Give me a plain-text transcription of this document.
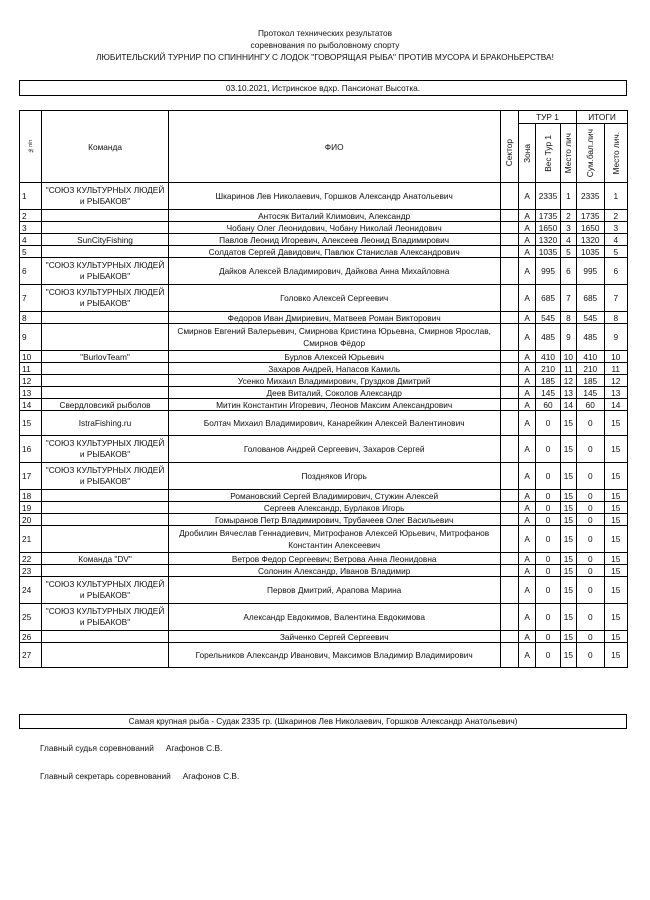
Протокол технических результатов
соревнования по рыболовному спорту
ЛЮБИТЕЛЬСКИЙ ТУРНИР ПО СПИННИНГУ С ЛОДОК "ГОВОРЯЩАЯ РЫБА" ПРОТИВ МУСОРА И БРАКОНЬЕРСТВА!
03.10.2021, Истринское вдхр. Пансионат Высотка.
№п/п	Команда	ФИО		ТУР 1			ИТОГИ	

			Сектор	Зона	Вес Тур 1	Место лич	Сум.бал.лич	Место лич.

1	"СОЮЗ КУЛЬТУРНЫХ ЛЮДЕЙ и РЫБАКОВ"	Шкаринов Лев Николаевич, Горшков Александр Анатольевич		А	2335	1	2335	1
2		Антосяк Виталий Климович, Александр		А	1735	2	1735	2
3		Чобану Олег Леонидович, Чобану Николай Леонидович		А	1650	3	1650	3
4	SunCityFishing	Павлов Леонид Игоревич, Алексеев Леонид Владимирович		А	1320	4	1320	4
5		Солдатов Сергей Давидович, Павлюк Станислав Александрович		А	1035	5	1035	5
6	"СОЮЗ КУЛЬТУРНЫХ ЛЮДЕЙ и РЫБАКОВ"	Дайков Алексей Владимирович, Дайкова Анна Михайловна		А	995	6	995	6
7	"СОЮЗ КУЛЬТУРНЫХ ЛЮДЕЙ и РЫБАКОВ"	Головко Алексей Сергеевич		А	685	7	685	7
8		Федоров Иван Дмириевич, Матвеев Роман Викторович		А	545	8	545	8
9		Смирнов Евгений Валерьевич, Смирнова Кристина Юрьевна, Смирнов Ярослав, Смирнов Фёдор		А	485	9	485	9
10	"BurlovTeam"	Бурлов Алексей Юрьевич		А	410	10	410	10
11		Захаров Андрей, Напасов Камиль		А	210	11	210	11
12		Усенко Михаил Владимирович, Груздков Дмитрий		А	185	12	185	12
13		Деев Виталий, Соколов Александр		А	145	13	145	13
14	Свердловсикй рыболов	Митин Константин Игоревич, Леонов Максим Александрович		А	60	14	60	14
15	IstraFishing.ru	Болтач Михаил Владимирович, Канарейкин Алексей Валентинович		А	0	15	0	15
16	"СОЮЗ КУЛЬТУРНЫХ ЛЮДЕЙ и РЫБАКОВ"	Голованов Андрей Сергеевич, Захаров Сергей		А	0	15	0	15
17	"СОЮЗ КУЛЬТУРНЫХ ЛЮДЕЙ и РЫБАКОВ"	Поздняков Игорь		А	0	15	0	15
18		Романовский Сергей Владимирович, Стужин Алексей		А	0	15	0	15
19		Сергеев Александр, Бурлаков Игорь		А	0	15	0	15
20		Гомыранов Петр Владимирович, Трубачеев Олег Васильевич		А	0	15	0	15
21		Дробилин Вячеслав Геннадиевич, Митрофанов Алексей Юрьевич, Митрофанов Константин Алексеевич		А	0	15	0	15
22	Команда "DV"	Ветров Федор Сергеевич; Ветрова Анна Леонидовна		А	0	15	0	15
23		Солонин Александр, Иванов Владимир		А	0	15	0	15
24	"СОЮЗ КУЛЬТУРНЫХ ЛЮДЕЙ и РЫБАКОВ"	Первов Дмитрий, Арапова Марина		А	0	15	0	15
25	"СОЮЗ КУЛЬТУРНЫХ ЛЮДЕЙ и РЫБАКОВ"	Александр Евдокимов, Валентина Евдокимова		А	0	15	0	15
26		Зайченко Сергей Сергеевич		А	0	15	0	15
27		Горельников Александр Иванович, Максимов Владимир Владимирович		А	0	15	0	15
Самая крупная рыба - Судак 2335 гр. (Шкаринов Лев Николаевич, Горшков Александр Анатольевич)
Главный судья соревнований Агафонов С.В.
Главный секретарь соревнований Агафонов С.В.
